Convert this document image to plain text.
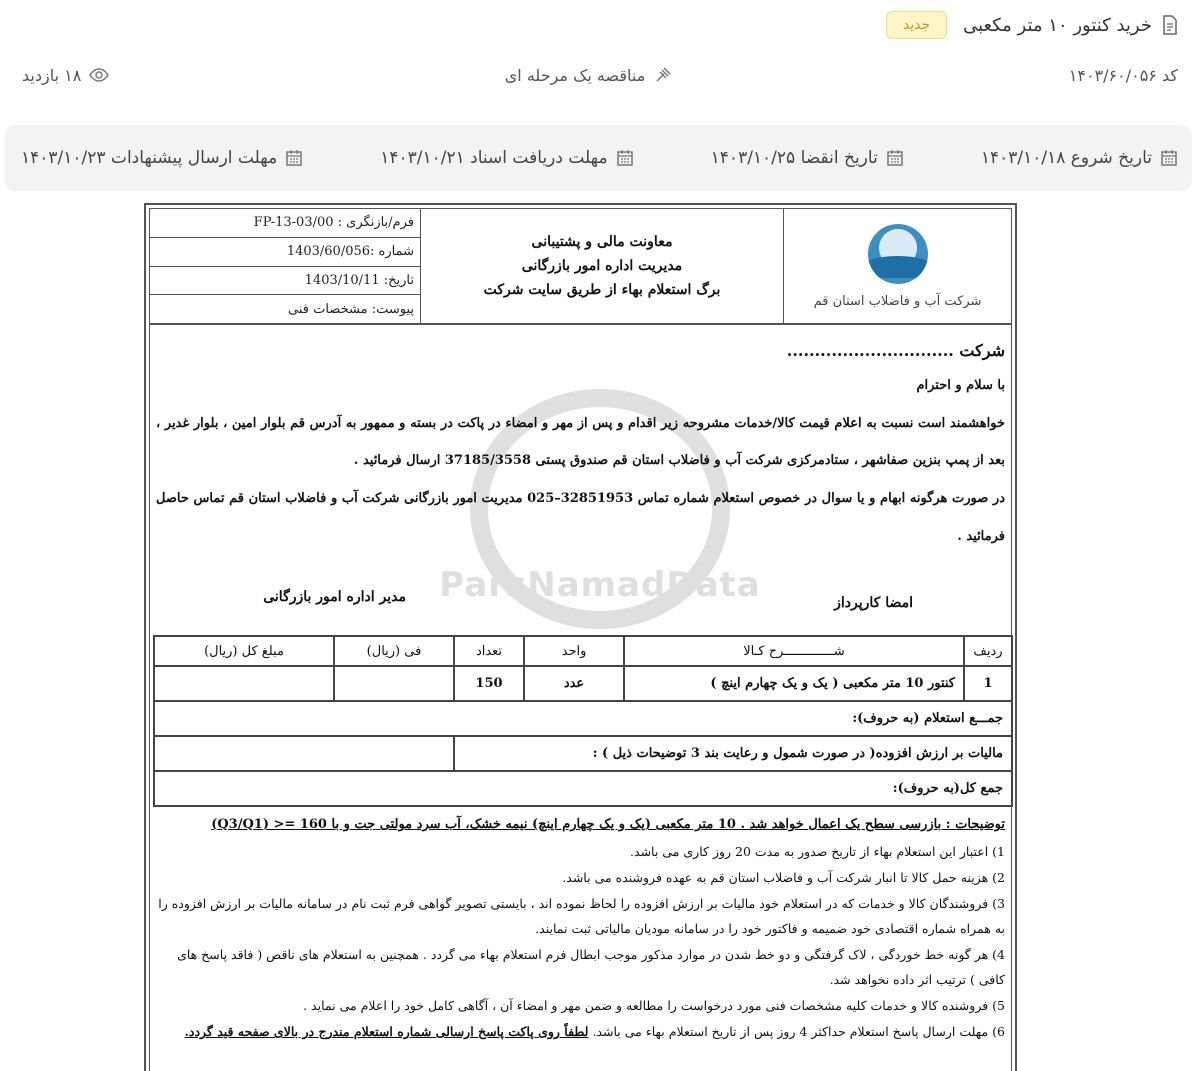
خرید کنتور ۱۰ متر مکعبی
جدید
کد ۱۴۰۳/۶۰/۰۵۶
مناقصه یک مرحله ای
۱۸ بازدید
تاریخ شروع ۱۴۰۳/۱۰/۱۸
تاریخ انقضا ۱۴۰۳/۱۰/۲۵
مهلت دریافت اسناد ۱۴۰۳/۱۰/۲۱
مهلت ارسال پیشنهادات ۱۴۰۳/۱۰/۲۳
شرکت آب و فاضلاب استان قم
معاونت مالی و پشتیبانی
مدیریت اداره امور بازرگانی
برگ استعلام بهاء از طریق سایت شرکت
فرم/بازنگری : FP-13-03/00
شماره :1403/60/056
تاریخ: 1403/10/11
پیوست: مشخصات فنی
ParsNamadData

شرکت ..............................

با سلام و احترام

خواهشمند است نسبت به اعلام قیمت کالا/خدمات مشروحه زیر اقدام و پس از مهر و امضاء در پاکت در بسته و ممهور به آدرس قم بلوار امین ، بلوار غدیر ، بعد از پمپ بنزین صفاشهر ، ستادمرکزی شرکت آب و فاضلاب استان قم صندوق پستی 37185/3558 ارسال فرمائید .

در صورت هرگونه ابهام و یا سوال در خصوص استعلام شماره تماس 32851953–025 مدیریت امور بازرگانی شرکت آب و فاضلاب استان قم تماس حاصل فرمائید .

امضا کارپرداز
مدیر اداره امور بازرگانی
ردیف	شـــــــــــــرح کـالا	واحد	تعداد	فی (ریال)	مبلغ کل (ریال)
1	کنتور 10 متر مکعبی ( یک و یک چهارم اینچ )	عدد	150		
جمـــع استعلام (به حروف):					
مالیات بر ارزش افزوده( در صورت شمول و رعایت بند 3 توضیحات ذیل ) :					
جمع کل(به حروف):					

توضیحات : بازرسی سطح یک اعمال خواهد شد . 10 متر مکعبی (یک و یک چهارم اینچ) نیمه خشک، آب سرد مولتی جت و با 160 =< (Q3/Q1)

1) اعتبار این استعلام بهاء از تاریخ صدور به مدت 20 روز کاری می باشد.

2) هزینه حمل کالا تا انبار شرکت آب و فاضلاب استان قم به عهده فروشنده می باشد.

3) فروشندگان کالا و خدمات که در استعلام خود مالیات بر ارزش افزوده را لحاظ نموده اند ، بایستی تصویر گواهی فرم ثبت نام در سامانه مالیات بر ارزش افزوده را به همراه شماره اقتصادی خود ضمیمه و فاکتور خود را در سامانه مودیان مالیاتی ثبت نمایند.

4) هر گونه خط خوردگی ، لاک گرفتگی و دو خط شدن در موارد مذکور موجب ابطال فرم استعلام بهاء می گردد . همچنین به استعلام های ناقص ( فاقد پاسخ های کافی ) ترتیب اثر داده نخواهد شد.

5) فروشنده کالا و خدمات کلیه مشخصات فنی مورد درخواست را مطالعه و ضمن مهر و امضاء آن ، آگاهی کامل خود را اعلام می نماید .

6) مهلت ارسال پاسخ استعلام حداکثر 4 روز پس از تاریخ استعلام بهاء می باشد. لطفاً روی پاکت پاسخ ارسالی شماره استعلام مندرج در بالای صفحه قید گردد.
